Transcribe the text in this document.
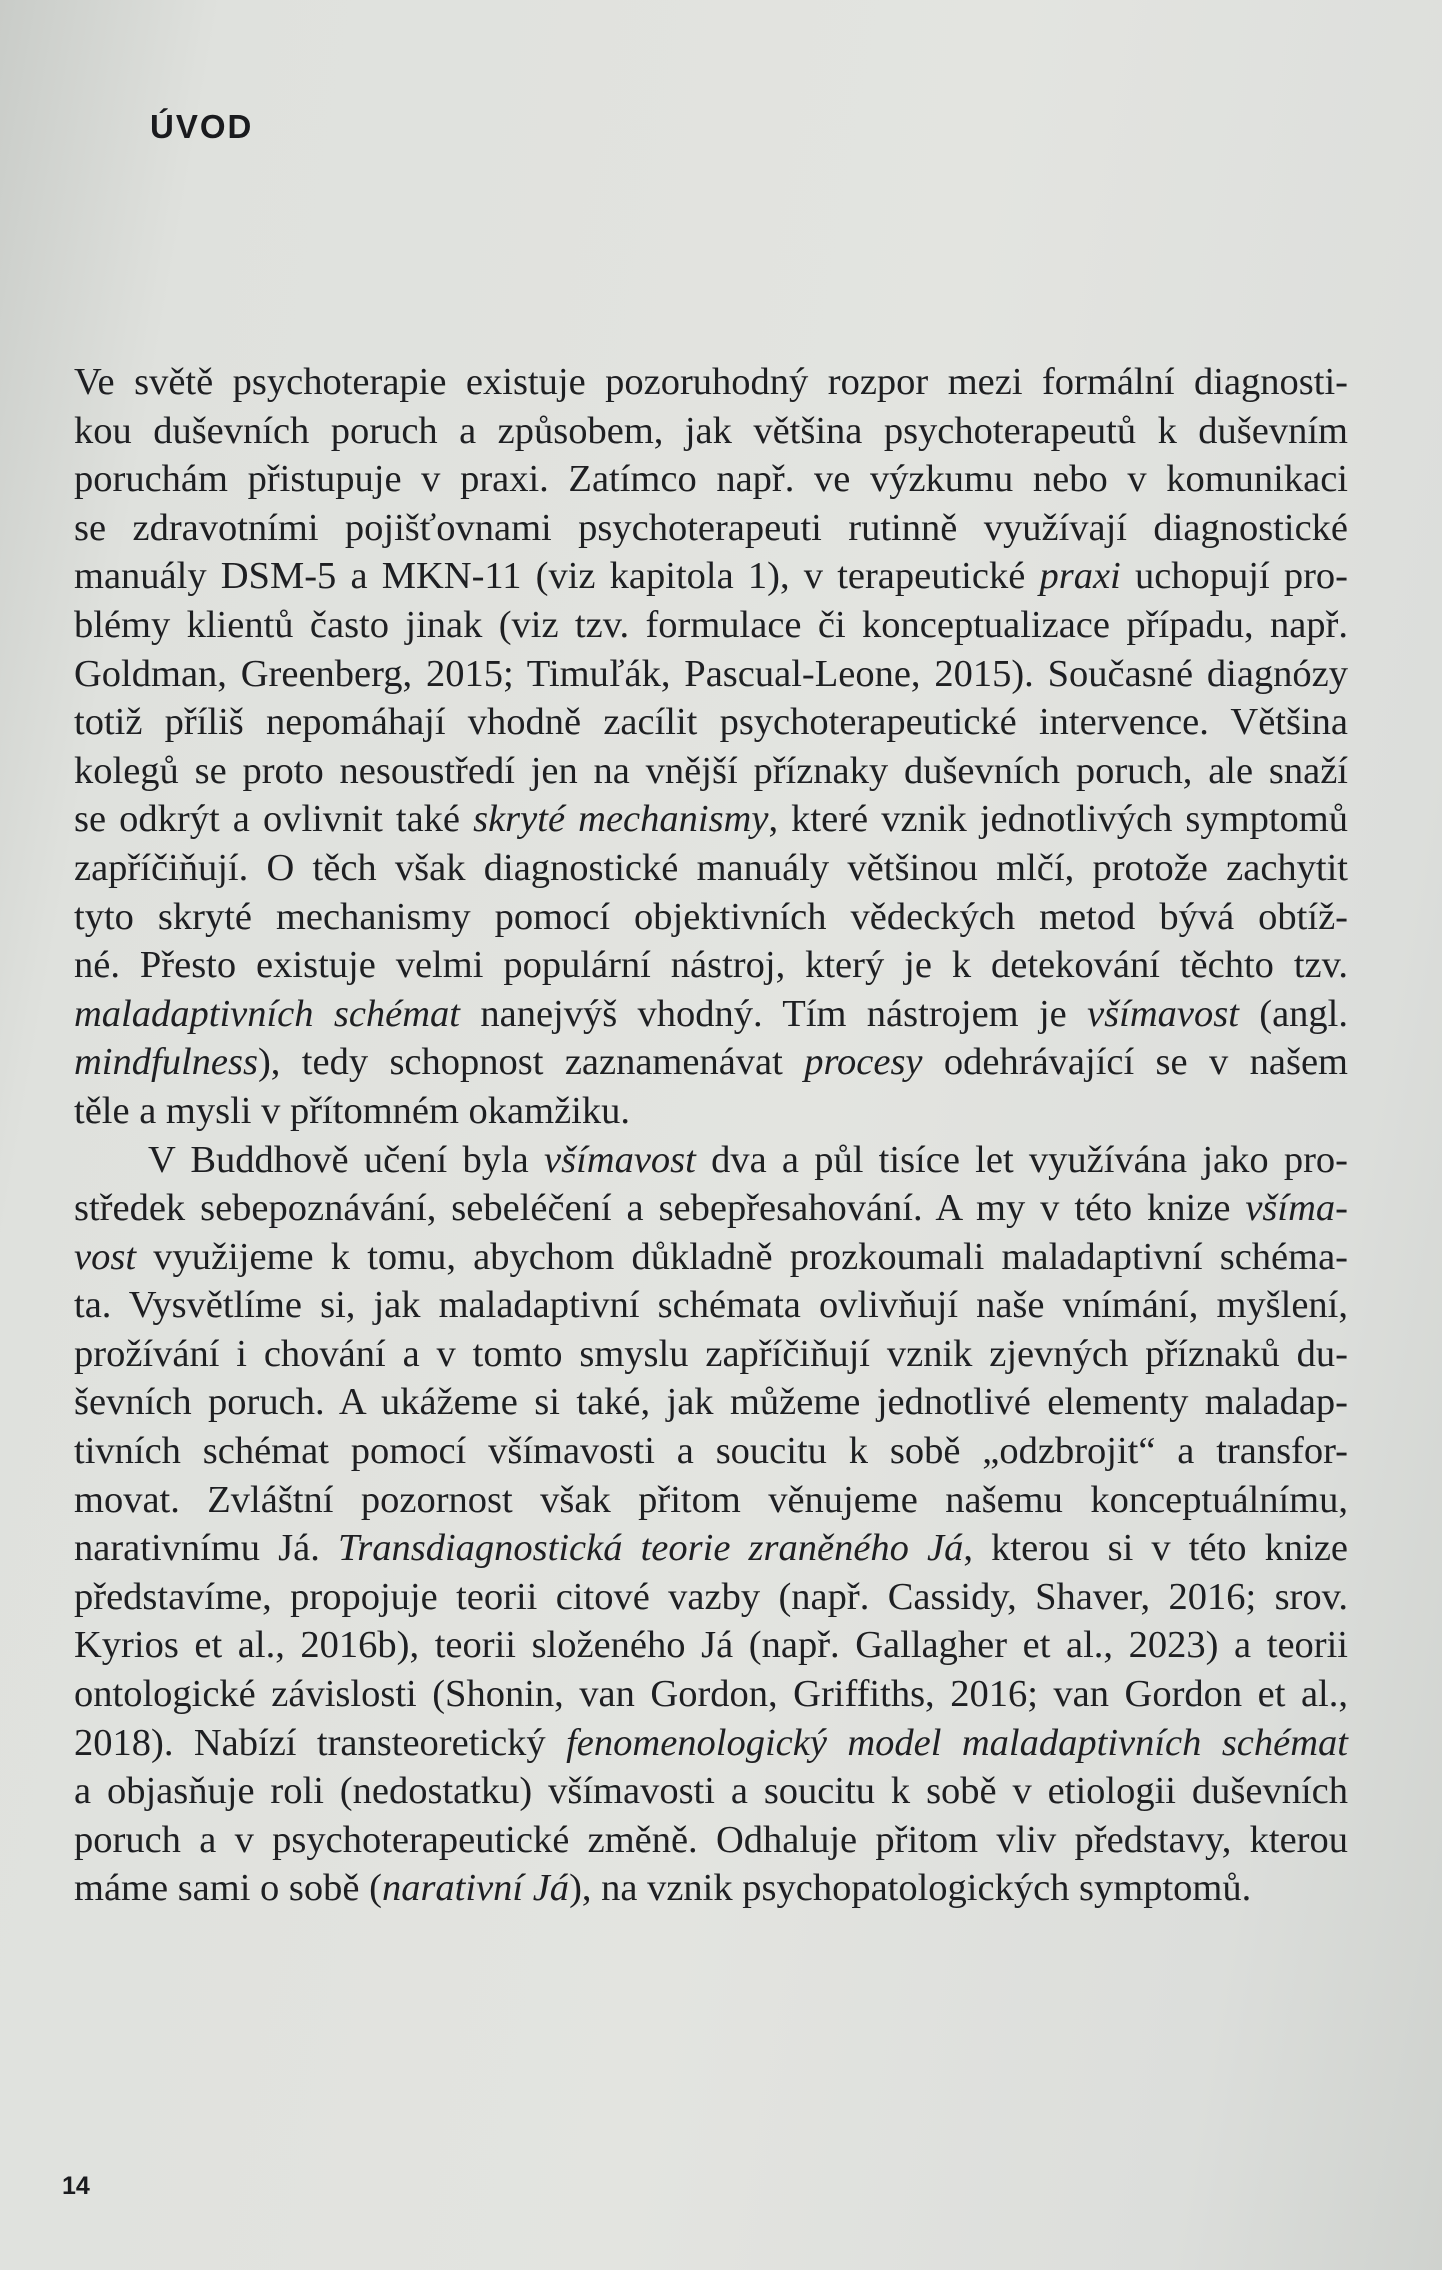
ÚVOD
Ve světě psychoterapie existuje pozoruhodný rozpor mezi formální diagnosti-
kou duševních poruch a způsobem, jak většina psychoterapeutů k duševním
poruchám přistupuje v praxi. Zatímco např. ve výzkumu nebo v komunikaci
se zdravotními pojišťovnami psychoterapeuti rutinně využívají diagnostické
manuály DSM-5 a MKN-11 (viz kapitola 1), v terapeutické praxi uchopují pro-
blémy klientů často jinak (viz tzv. formulace či konceptualizace případu, např.
Goldman, Greenberg, 2015; Timuľák, Pascual-Leone, 2015). Současné diagnózy
totiž příliš nepomáhají vhodně zacílit psychoterapeutické intervence. Většina
kolegů se proto nesoustředí jen na vnější příznaky duševních poruch, ale snaží
se odkrýt a ovlivnit také skryté mechanismy, které vznik jednotlivých symptomů
zapříčiňují. O těch však diagnostické manuály většinou mlčí, protože zachytit
tyto skryté mechanismy pomocí objektivních vědeckých metod bývá obtíž-
né. Přesto existuje velmi populární nástroj, který je k detekování těchto tzv.
maladaptivních schémat nanejvýš vhodný. Tím nástrojem je všímavost (angl.
mindfulness), tedy schopnost zaznamenávat procesy odehrávající se v našem
těle a mysli v přítomném okamžiku.
V Buddhově učení byla všímavost dva a půl tisíce let využívána jako pro-
středek sebepoznávání, sebeléčení a sebepřesahování. A my v této knize všíma-
vost využijeme k tomu, abychom důkladně prozkoumali maladaptivní schéma-
ta. Vysvětlíme si, jak maladaptivní schémata ovlivňují naše vnímání, myšlení,
prožívání i chování a v tomto smyslu zapříčiňují vznik zjevných příznaků du-
ševních poruch. A ukážeme si také, jak můžeme jednotlivé elementy maladap-
tivních schémat pomocí všímavosti a soucitu k sobě „odzbrojit“ a transfor-
movat. Zvláštní pozornost však přitom věnujeme našemu konceptuálnímu,
narativnímu Já. Transdiagnostická teorie zraněného Já, kterou si v této knize
představíme, propojuje teorii citové vazby (např. Cassidy, Shaver, 2016; srov.
Kyrios et al., 2016b), teorii složeného Já (např. Gallagher et al., 2023) a teorii
ontologické závislosti (Shonin, van Gordon, Griffiths, 2016; van Gordon et al.,
2018). Nabízí transteoretický fenomenologický model maladaptivních schémat
a objasňuje roli (nedostatku) všímavosti a soucitu k sobě v etiologii duševních
poruch a v psychoterapeutické změně. Odhaluje přitom vliv představy, kterou
máme sami o sobě (narativní Já), na vznik psychopatologických symptomů.
14
